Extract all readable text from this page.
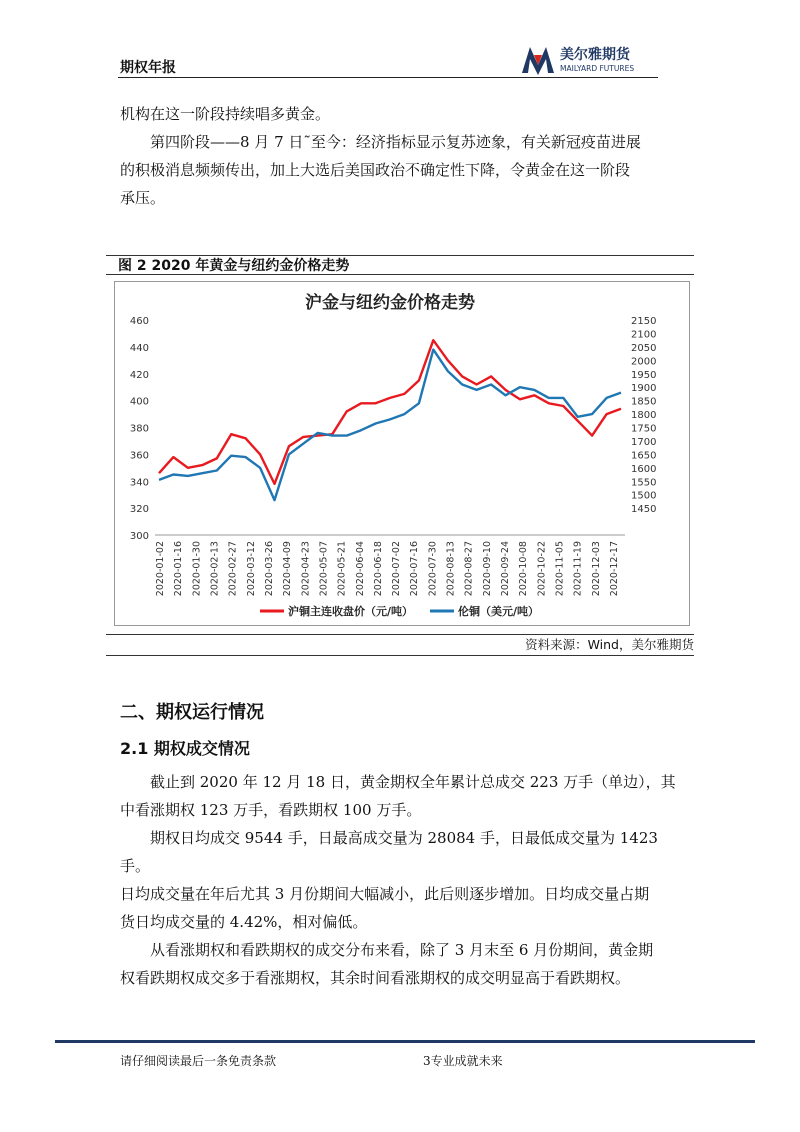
期权年报
美尔雅期货
MAILYARD FUTURES

机构在这一阶段持续唱多黄金。

第四阶段——8 月 7 日˜至今：经济指标显示复苏迹象，有关新冠疫苗进展

的积极消息频频传出，加上大选后美国政治不确定性下降，令黄金在这一阶段

承压。

图 2 2020 年黄金与纽约金价格走势
沪金与纽约金价格走势
300
320
340
360
380
400
420
440
460
1450
1500
1550
1600
1650
1700
1750
1800
1850
1900
1950
2000
2050
2100
2150
2020-01-02 2020-01-16 2020-01-30 2020-02-13 2020-02-27 2020-03-12 2020-03-26 2020-04-09 2020-04-23 2020-05-07 2020-05-21 2020-06-04 2020-06-18 2020-07-02 2020-07-16 2020-07-30 2020-08-13 2020-08-27 2020-09-10 2020-09-24 2020-10-08 2020-10-22 2020-11-05 2020-11-19 2020-12-03 2020-12-17
沪铜主连收盘价（元/吨）	伦铜（美元/吨）
资料来源：Wind，美尔雅期货
二、期权运行情况
2.1 期权成交情况

截止到 2020 年 12 月 18 日，黄金期权全年累计总成交 223 万手（单边），其

中看涨期权 123 万手，看跌期权 100 万手。

期权日均成交 9544 手，日最高成交量为 28084 手，日最低成交量为 1423 手。

日均成交量在年后尤其 3 月份期间大幅减小，此后则逐步增加。日均成交量占期

货日均成交量的 4.42%，相对偏低。

从看涨期权和看跌期权的成交分布来看，除了 3 月末至 6 月份期间，黄金期

权看跌期权成交多于看涨期权，其余时间看涨期权的成交明显高于看跌期权。

请仔细阅读最后一条免责条款	3专业成就未来
